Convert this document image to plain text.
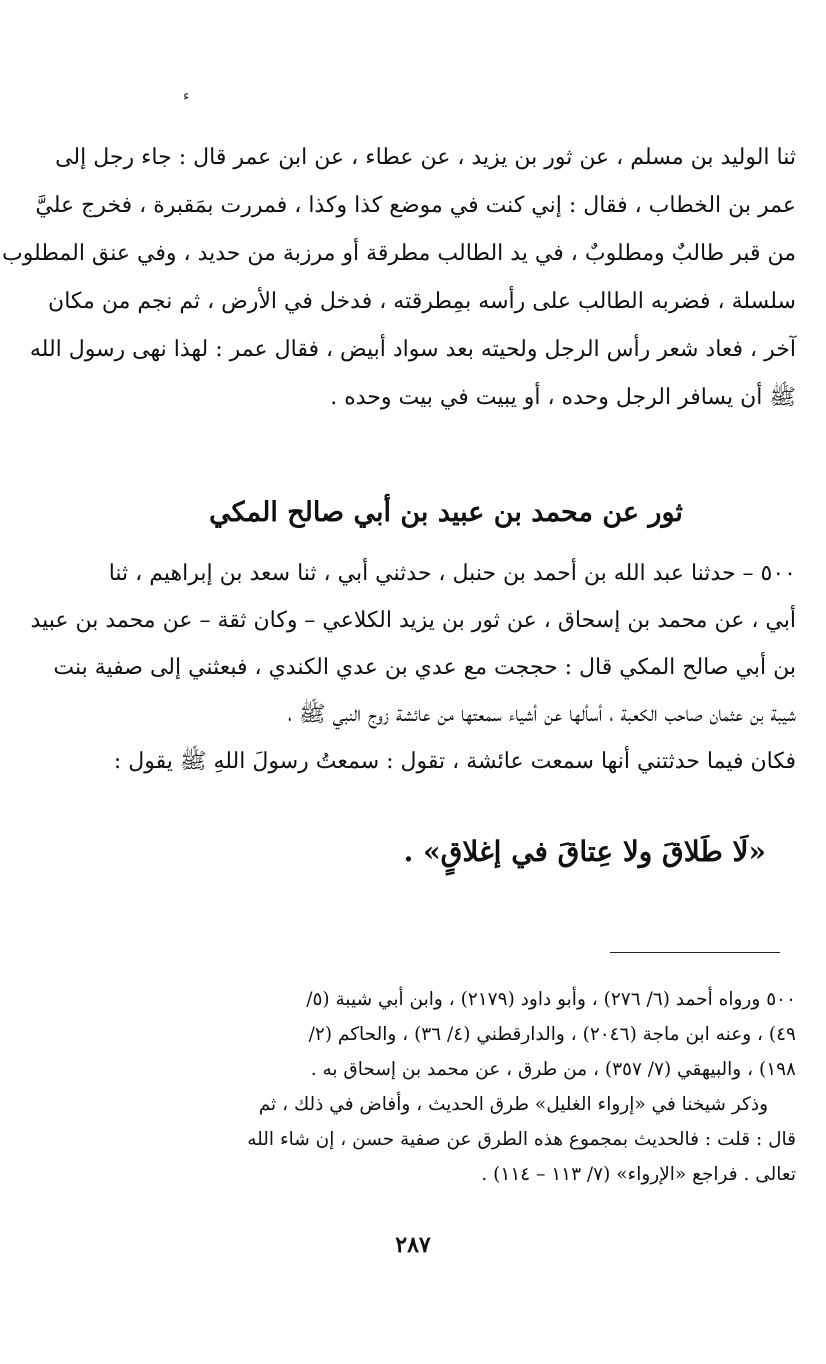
ء
ثنا الوليد بن مسلم ، عن ثور بن يزيد ، عن عطاء ، عن ابن عمر قال : جاء رجل إلى
عمر بن الخطاب ، فقال : إني كنت في موضع كذا وكذا ، فمررت بمَقبرة ، فخرج عليَّ
من قبر طالبٌ ومطلوبٌ ، في يد الطالب مطرقة أو مرزبة من حديد ، وفي عنق المطلوب
سلسلة ، فضربه الطالب على رأسه بمِطرقته ، فدخل في الأرض ، ثم نجم من مكان
آخر ، فعاد شعر رأس الرجل ولحيته بعد سواد أبيض ، فقال عمر : لهذا نهى رسول الله
ﷺ أن يسافر الرجل وحده ، أو يبيت في بيت وحده .
ثور عن محمد بن عبيد بن أبي صالح المكي
٥٠٠ – حدثنا عبد الله بن أحمد بن حنبل ، حدثني أبي ، ثنا سعد بن إبراهيم ، ثنا
أبي ، عن محمد بن إسحاق ، عن ثور بن يزيد الكلاعي – وكان ثقة – عن محمد بن عبيد
بن أبي صالح المكي قال : حججت مع عدي بن عدي الكندي ، فبعثني إلى صفية بنت
شيبة بن عثمان صاحب الكعبة ، أسألها عن أشياء سمعتها من عائشة زوج النبي ﷺ ،
فكان فيما حدثتني أنها سمعت عائشة ، تقول : سمعتُ رسولَ اللهِ ﷺ يقول :
«لَا طَلاقَ ولا عِتاقَ في إغلاقٍ» .
٥٠٠ ورواه أحمد (٦/ ٢٧٦) ، وأبو داود (٢١٧٩) ، وابن أبي شيبة (٥/
٤٩) ، وعنه ابن ماجة (٢٠٤٦) ، والدارقطني (٤/ ٣٦) ، والحاكم (٢/
١٩٨) ، والبيهقي (٧/ ٣٥٧) ، من طرق ، عن محمد بن إسحاق به .
وذكر شيخنا في «إرواء الغليل» طرق الحديث ، وأفاض في ذلك ، ثم
قال : قلت : فالحديث بمجموع هذه الطرق عن صفية حسن ، إن شاء الله
تعالى . فراجع «الإرواء» (٧/ ١١٣ – ١١٤) .
٢٨٧
